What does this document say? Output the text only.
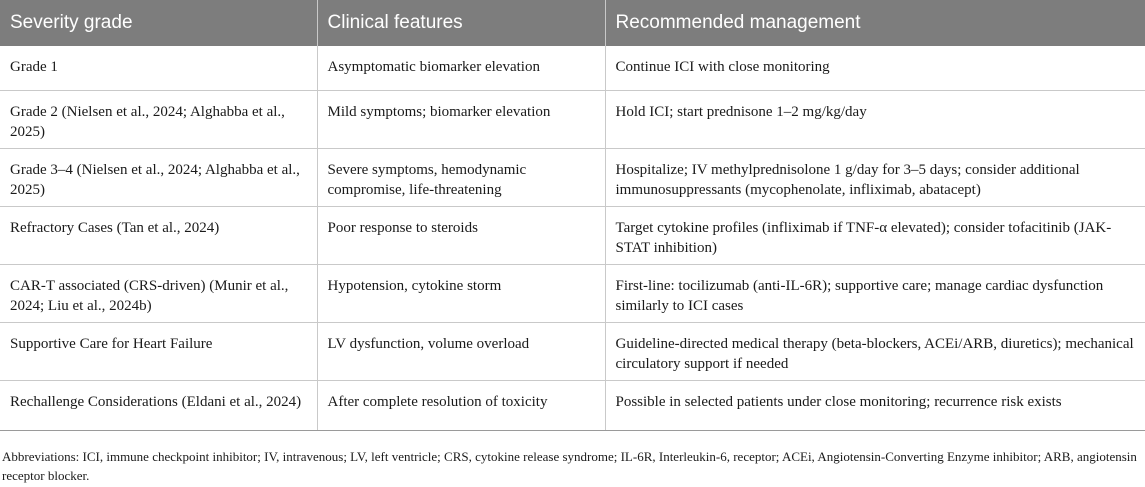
Severity grade	Clinical features	Recommended management
Grade 1	Asymptomatic biomarker elevation	Continue ICI with close monitoring
Grade 2 (Nielsen et al., 2024; Alghabba et al., 2025)	Mild symptoms; biomarker elevation	Hold ICI; start prednisone 1–2 mg/kg/day
Grade 3–4 (Nielsen et al., 2024; Alghabba et al., 2025)	Severe symptoms, hemodynamic compromise, life-threatening	Hospitalize; IV methylprednisolone 1 g/day for 3–5 days; consider additional immunosuppressants (mycophenolate, infliximab, abatacept)
Refractory Cases (Tan et al., 2024)	Poor response to steroids	Target cytokine profiles (infliximab if TNF-α elevated); consider tofacitinib (JAK-STAT inhibition)
CAR-T associated (CRS-driven) (Munir et al., 2024; Liu et al., 2024b)	Hypotension, cytokine storm	First-line: tocilizumab (anti-IL-6R); supportive care; manage cardiac dysfunction similarly to ICI cases
Supportive Care for Heart Failure	LV dysfunction, volume overload	Guideline-directed medical therapy (beta-blockers, ACEi/ARB, diuretics); mechanical circulatory support if needed
Rechallenge Considerations (Eldani et al., 2024)	After complete resolution of toxicity	Possible in selected patients under close monitoring; recurrence risk exists
Abbreviations: ICI, immune checkpoint inhibitor; IV, intravenous; LV, left ventricle; CRS, cytokine release syndrome; IL-6R, Interleukin-6, receptor; ACEi, Angiotensin-Converting Enzyme inhibitor; ARB, angiotensin receptor blocker.
